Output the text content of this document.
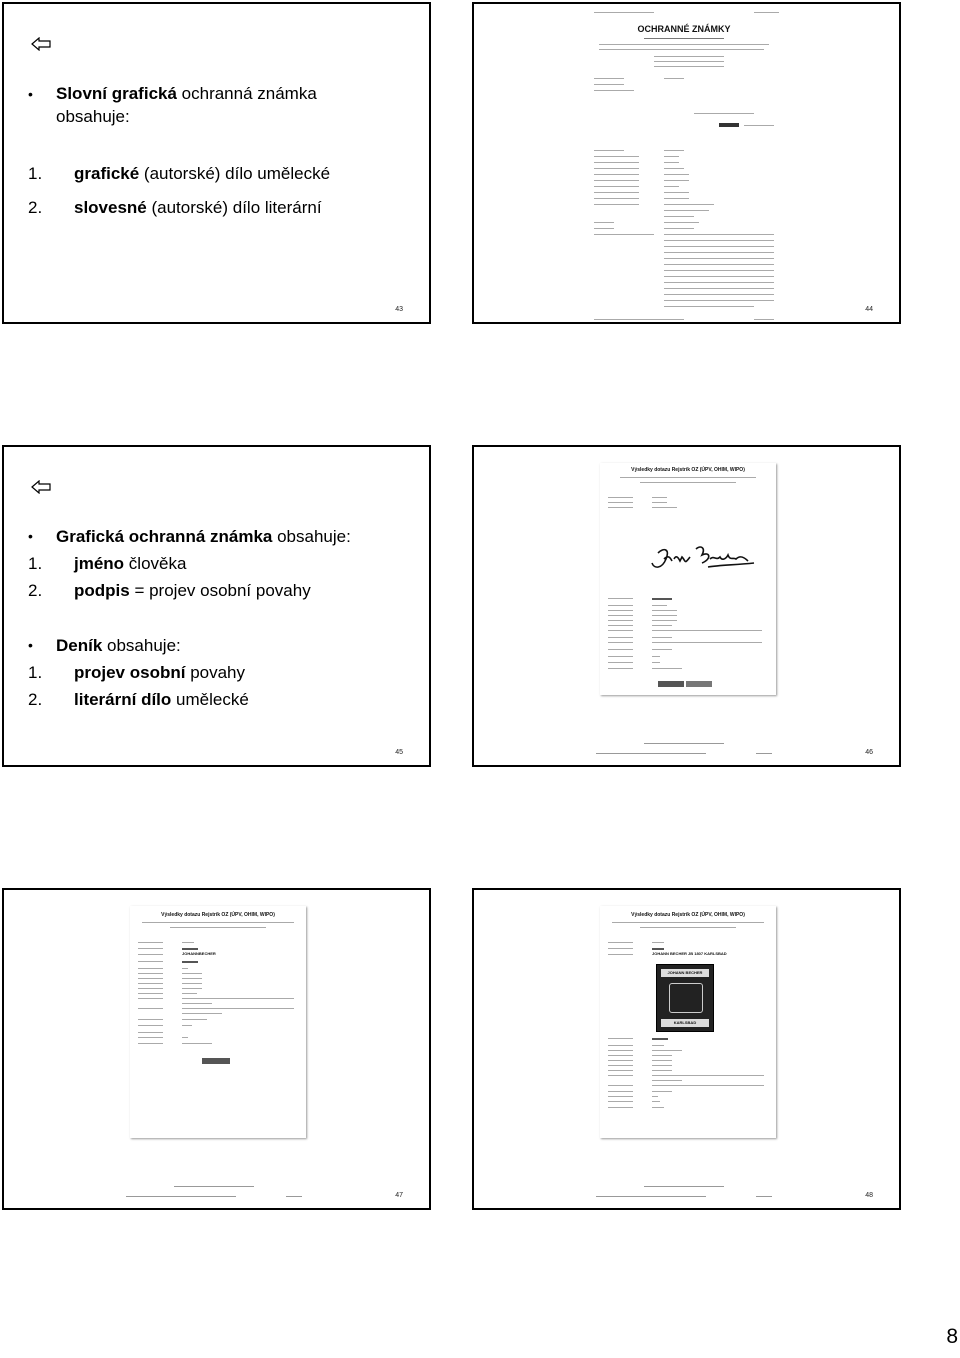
• Slovní grafická ochranná známka
obsahuje:
1. grafické (autorské) dílo umělecké
2. slovesné (autorské) dílo literární
43
OCHRANNÉ ZNÁMKY
44
• Grafická ochranná známka obsahuje:
1. jméno člověka
2. podpis = projev osobní povahy
• Deník obsahuje:
1. projev osobní povahy
2. literární dílo umělecké
45
Výsledky dotazu Rejstrík OZ (ÚPV, OHIM, WIPO)
46
Výsledky dotazu Rejstrík OZ (ÚPV, OHIM, WIPO)
JOHANNBECHER
47
Výsledky dotazu Rejstrík OZ (ÚPV, OHIM, WIPO)
JOHANN BECHER JB 1807 KARLSBAD
JOHANN BECHER
KARLSBAD
48
8
